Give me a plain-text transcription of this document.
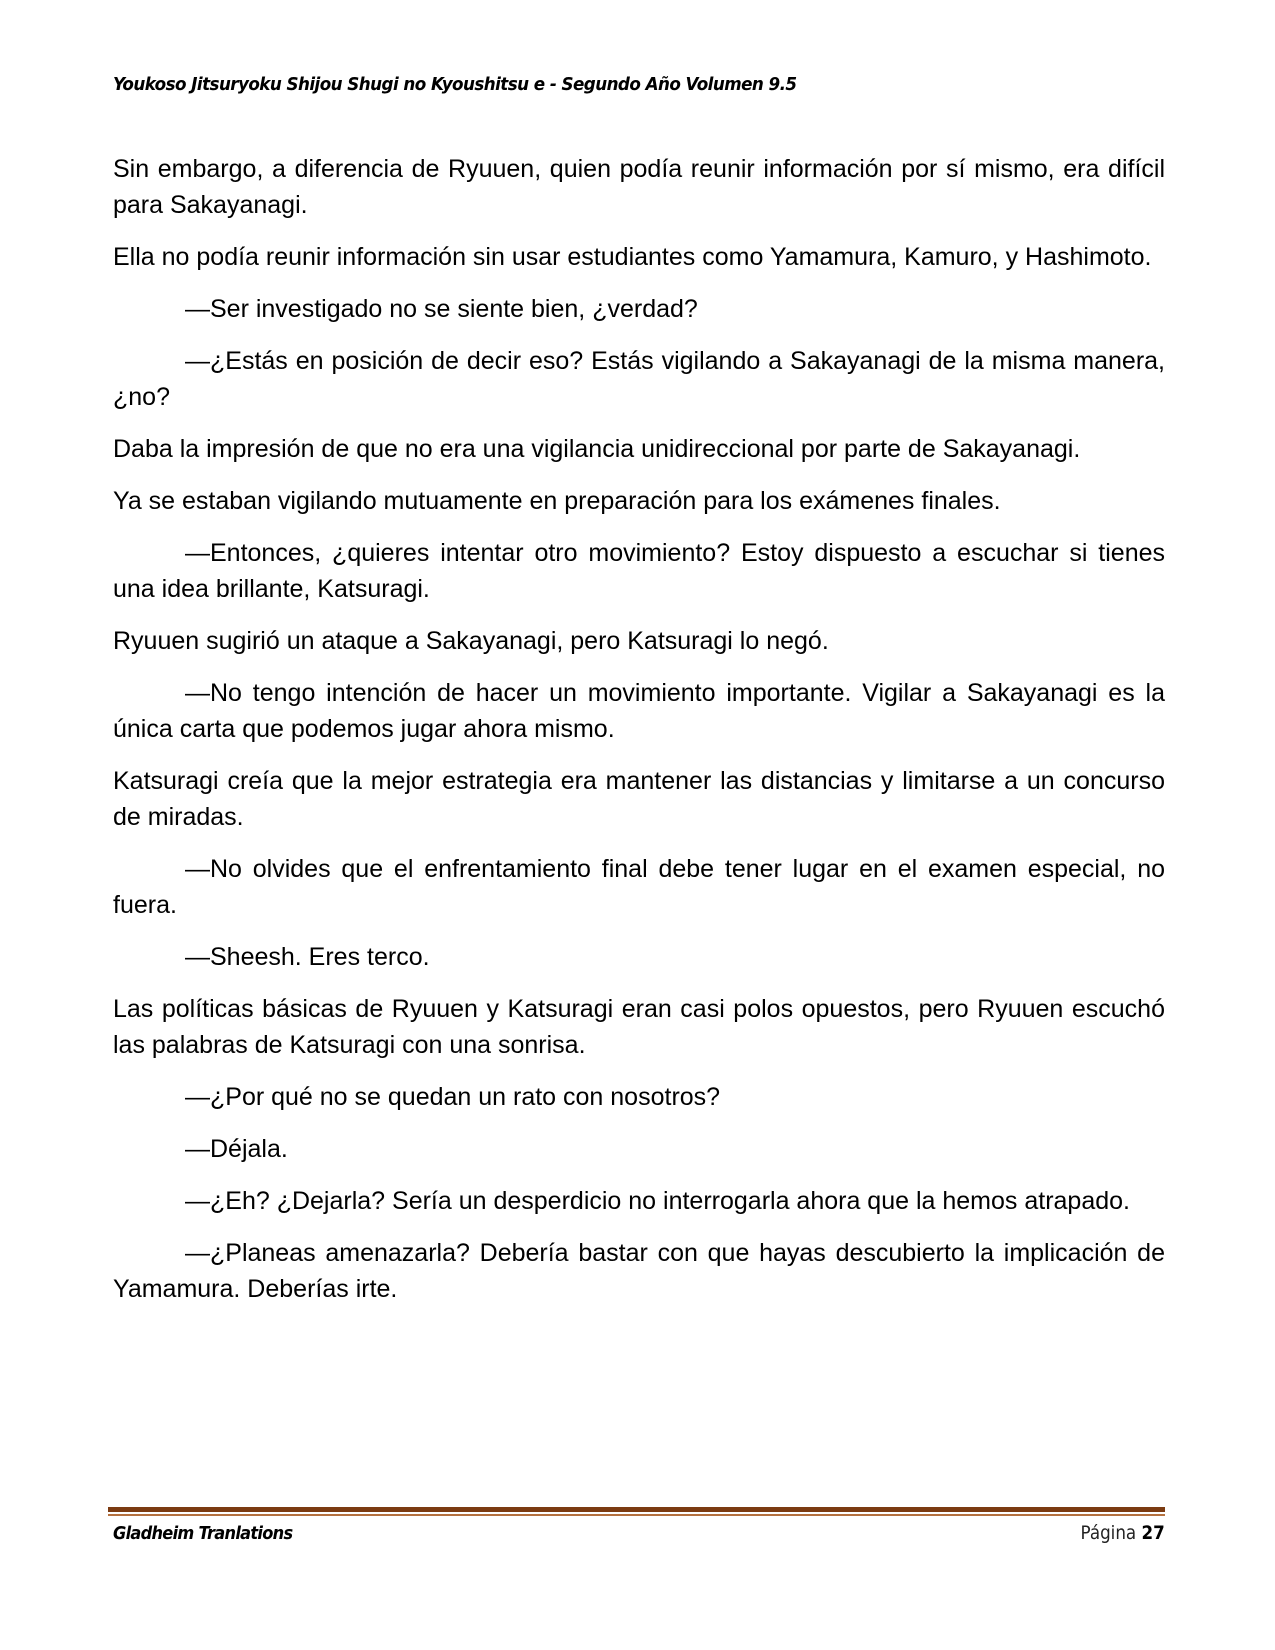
Youkoso Jitsuryoku Shijou Shugi no Kyoushitsu e - Segundo Año Volumen 9.5

Sin embargo, a diferencia de Ryuuen, quien podía reunir información por sí mismo, era difícil para Sakayanagi.

Ella no podía reunir información sin usar estudiantes como Yamamura, Kamuro, y Hashimoto.

—Ser investigado no se siente bien, ¿verdad?

—¿Estás en posición de decir eso? Estás vigilando a Sakayanagi de la misma manera, ¿no?

Daba la impresión de que no era una vigilancia unidireccional por parte de Sakayanagi.

Ya se estaban vigilando mutuamente en preparación para los exámenes finales.

—Entonces, ¿quieres intentar otro movimiento? Estoy dispuesto a escuchar si tienes una idea brillante, Katsuragi.

Ryuuen sugirió un ataque a Sakayanagi, pero Katsuragi lo negó.

—No tengo intención de hacer un movimiento importante. Vigilar a Sakayanagi es la única carta que podemos jugar ahora mismo.

Katsuragi creía que la mejor estrategia era mantener las distancias y limitarse a un concurso de miradas.

—No olvides que el enfrentamiento final debe tener lugar en el examen especial, no fuera.

—Sheesh. Eres terco.

Las políticas básicas de Ryuuen y Katsuragi eran casi polos opuestos, pero Ryuuen escuchó las palabras de Katsuragi con una sonrisa.

—¿Por qué no se quedan un rato con nosotros?

—Déjala.

—¿Eh? ¿Dejarla? Sería un desperdicio no interrogarla ahora que la hemos atrapado.

—¿Planeas amenazarla? Debería bastar con que hayas descubierto la implicación de Yamamura. Deberías irte.

Gladheim Tranlations	Página 27
